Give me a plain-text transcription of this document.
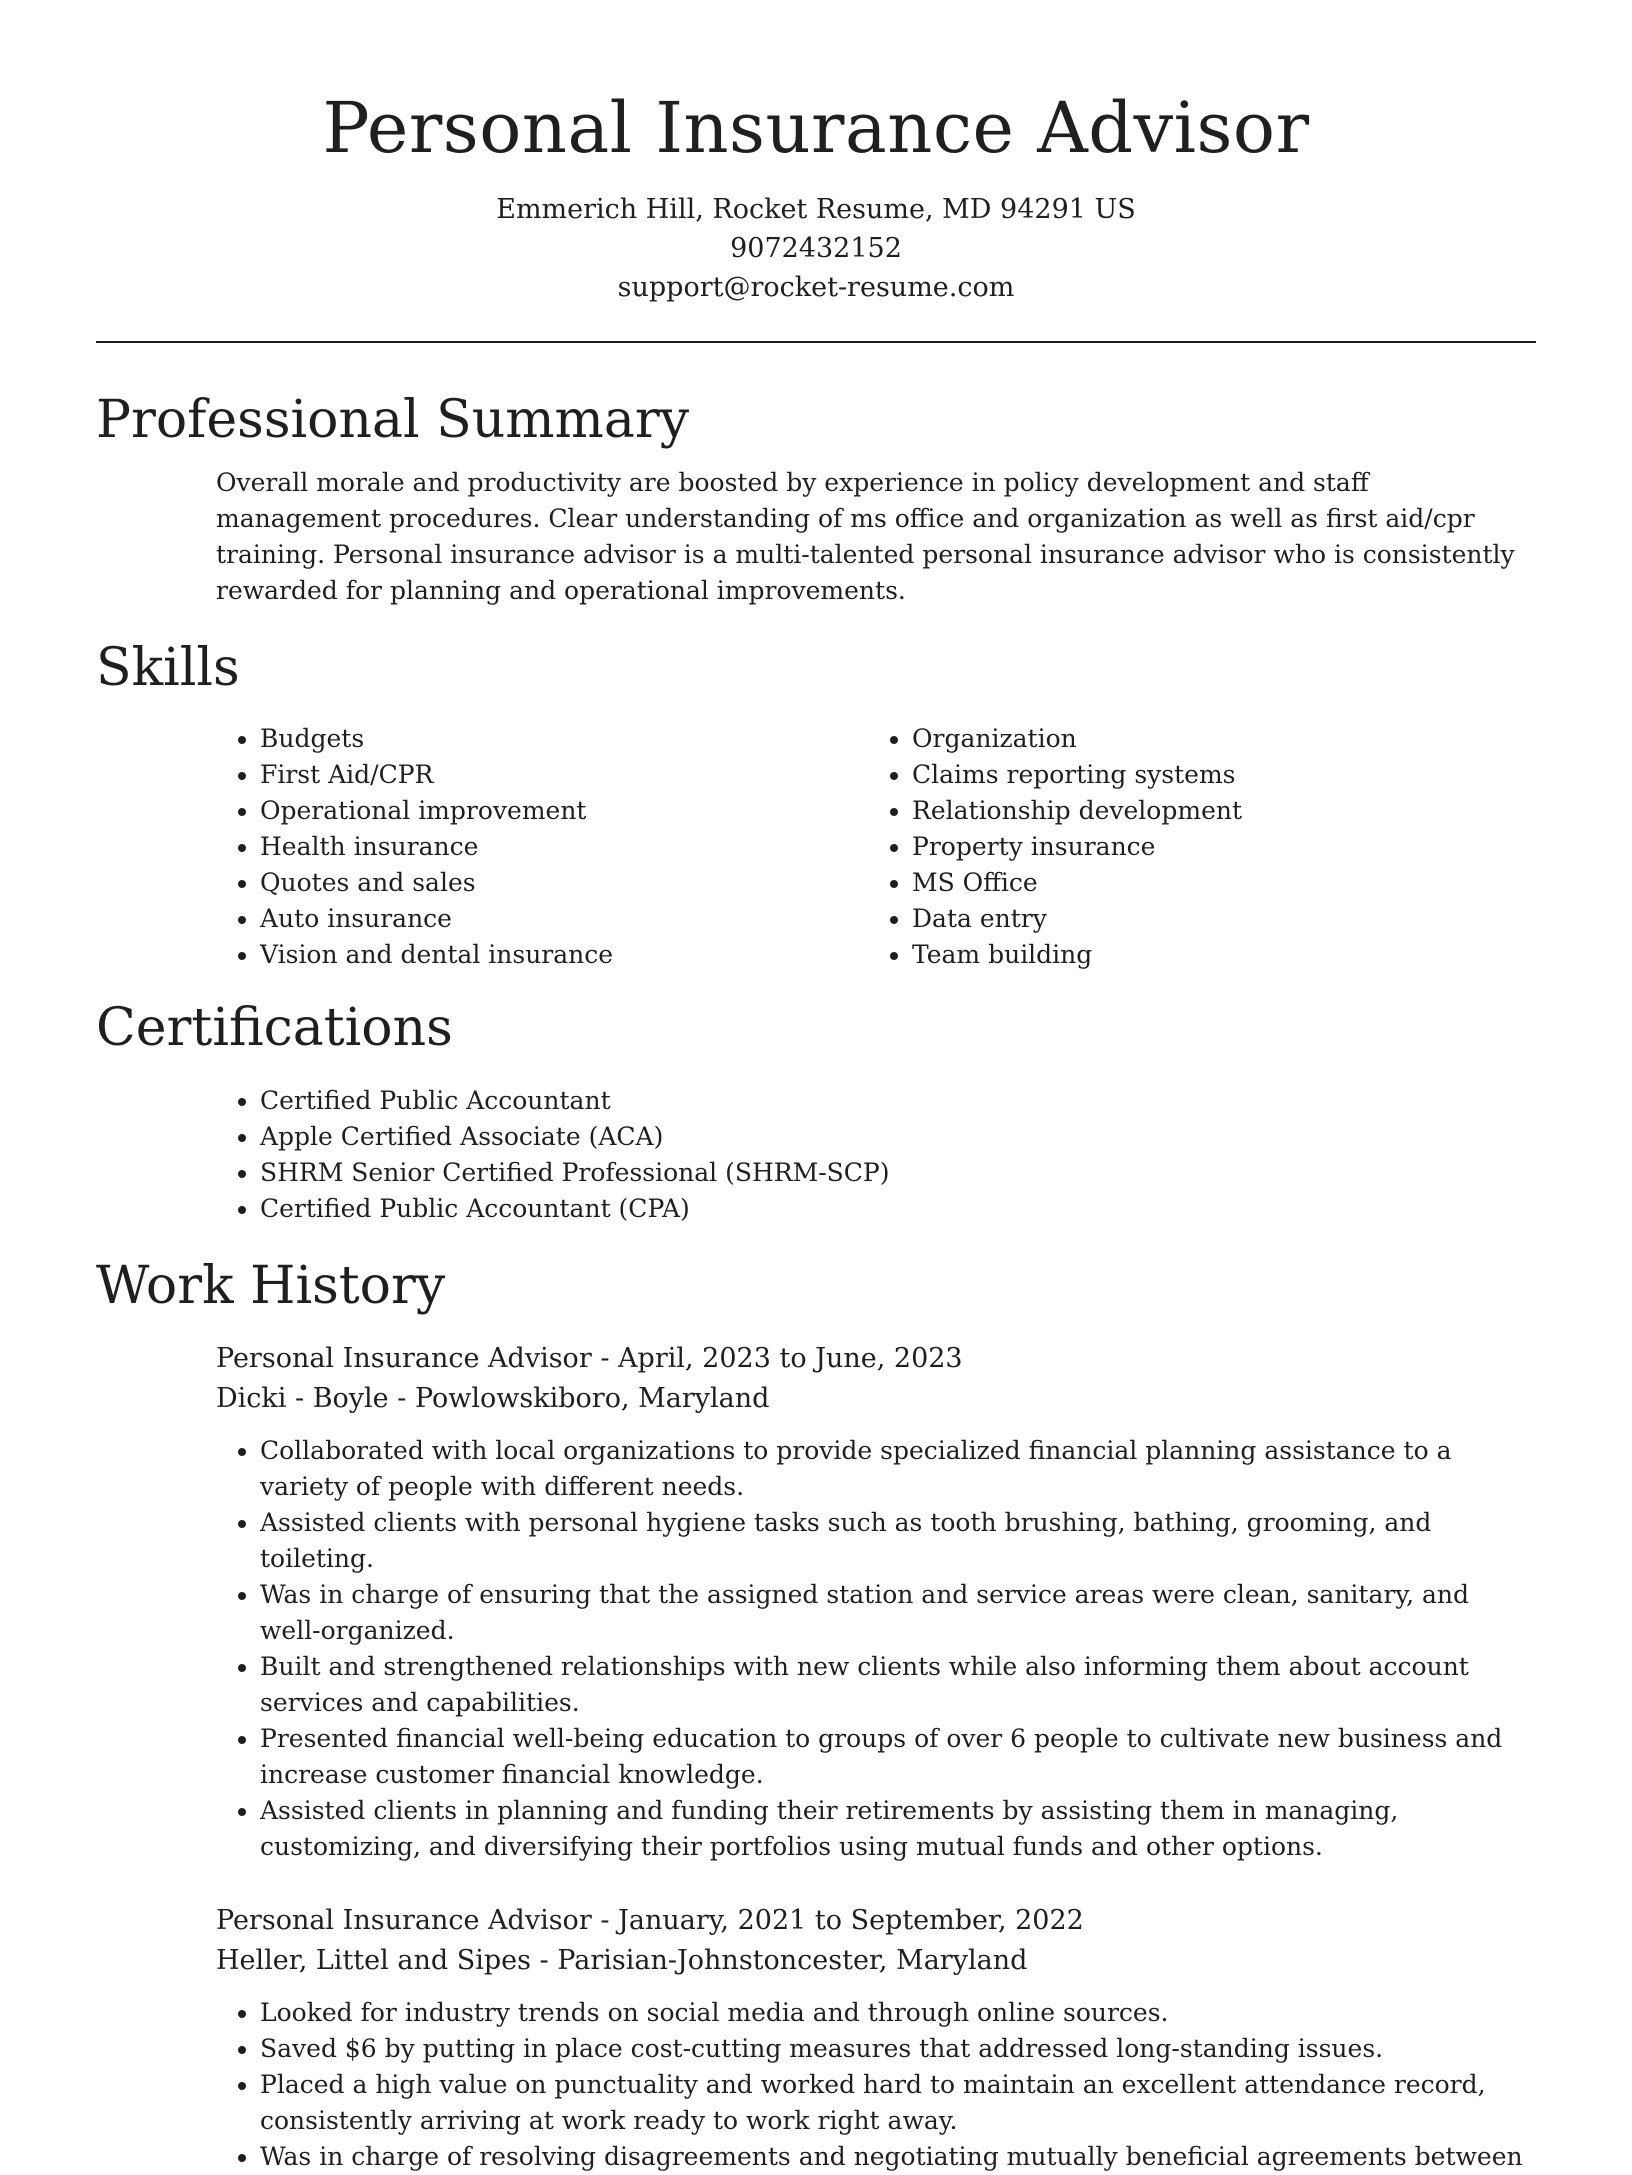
Personal Insurance Advisor
Emmerich Hill, Rocket Resume, MD 94291 US
9072432152
support@rocket-resume.com
Professional Summary

Overall morale and productivity are boosted by experience in policy development and staff management procedures. Clear understanding of ms office and organization as well as first aid/cpr training. Personal insurance advisor is a multi-talented personal insurance advisor who is consistently rewarded for planning and operational improvements.

Skills
• Budgets
• First Aid/CPR
• Operational improvement
• Health insurance
• Quotes and sales
• Auto insurance
• Vision and dental insurance
• Organization
• Claims reporting systems
• Relationship development
• Property insurance
• MS Office
• Data entry
• Team building
Certifications
• Certified Public Accountant
• Apple Certified Associate (ACA)
• SHRM Senior Certified Professional (SHRM-SCP)
• Certified Public Accountant (CPA)
Work History
Personal Insurance Advisor - April, 2023 to June, 2023
Dicki - Boyle - Powlowskiboro, Maryland
• Collaborated with local organizations to provide specialized financial planning assistance to a variety of people with different needs.
• Assisted clients with personal hygiene tasks such as tooth brushing, bathing, grooming, and toileting.
• Was in charge of ensuring that the assigned station and service areas were clean, sanitary, and well-organized.
• Built and strengthened relationships with new clients while also informing them about account services and capabilities.
• Presented financial well-being education to groups of over 6 people to cultivate new business and increase customer financial knowledge.
• Assisted clients in planning and funding their retirements by assisting them in managing, customizing, and diversifying their portfolios using mutual funds and other options.
Personal Insurance Advisor - January, 2021 to September, 2022
Heller, Littel and Sipes - Parisian-Johnstoncester, Maryland
• Looked for industry trends on social media and through online sources.
• Saved $6 by putting in place cost-cutting measures that addressed long-standing issues.
• Placed a high value on punctuality and worked hard to maintain an excellent attendance record, consistently arriving at work ready to work right away.
• Was in charge of resolving disagreements and negotiating mutually beneficial agreements between
